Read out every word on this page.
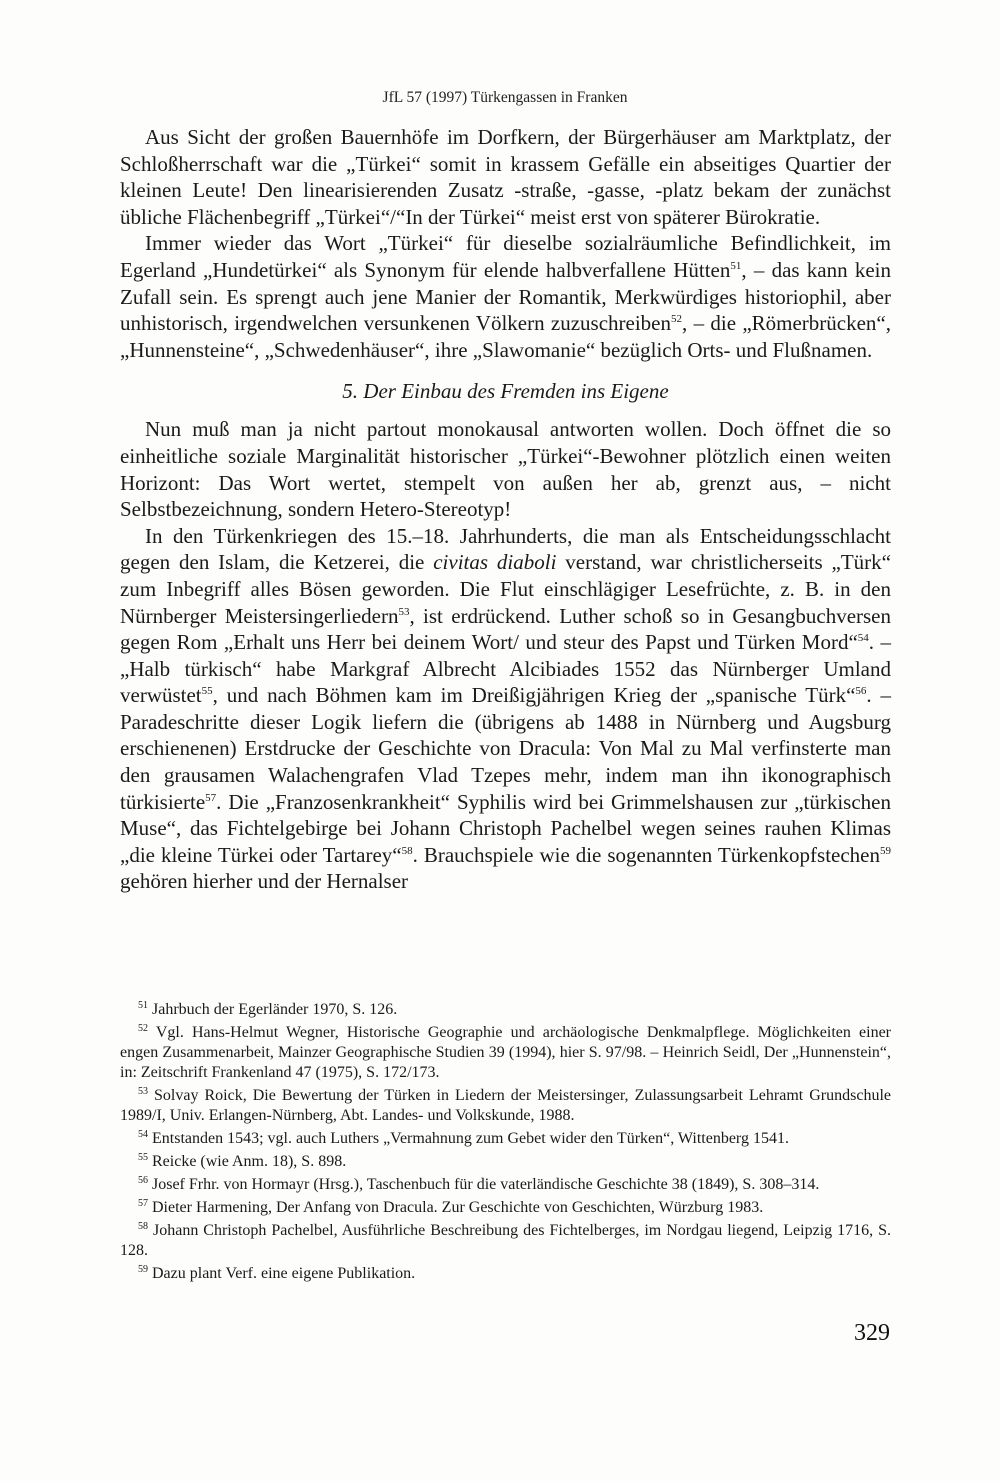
JfL 57 (1997) Türkengassen in Franken

Aus Sicht der großen Bauernhöfe im Dorfkern, der Bürgerhäuser am Marktplatz, der Schloßherrschaft war die „Türkei“ somit in krassem Gefälle ein abseitiges Quartier der kleinen Leute! Den linearisierenden Zusatz -straße, -gasse, -platz bekam der zunächst übliche Flächenbegriff „Türkei“/“In der Türkei“ meist erst von späterer Bürokratie.

Immer wieder das Wort „Türkei“ für dieselbe sozialräumliche Befindlichkeit, im Egerland „Hundetürkei“ als Synonym für elende halbverfallene Hütten$^{51}$, – das kann kein Zufall sein. Es sprengt auch jene Manier der Romantik, Merkwürdiges historiophil, aber unhistorisch, irgendwelchen versunkenen Völkern zuzuschreiben$^{52}$, – die „Römerbrücken“, „Hunnensteine“, „Schwedenhäuser“, ihre „Slawomanie“ bezüglich Orts- und Flußnamen.

5. Der Einbau des Fremden ins Eigene

Nun muß man ja nicht partout monokausal antworten wollen. Doch öffnet die so einheitliche soziale Marginalität historischer „Türkei“-Bewohner plötzlich einen weiten Horizont: Das Wort wertet, stempelt von außen her ab, grenzt aus, – nicht Selbstbezeichnung, sondern Hetero-Stereotyp!

In den Türkenkriegen des 15.–18. Jahrhunderts, die man als Entscheidungsschlacht gegen den Islam, die Ketzerei, die civitas diaboli verstand, war christlicherseits „Türk“ zum Inbegriff alles Bösen geworden. Die Flut einschlägiger Lesefrüchte, z. B. in den Nürnberger Meistersingerliedern$^{53}$, ist erdrückend. Luther schoß so in Gesangbuchversen gegen Rom „Erhalt uns Herr bei deinem Wort/ und steur des Papst und Türken Mord“$^{54}$. – „Halb türkisch“ habe Markgraf Albrecht Alcibiades 1552 das Nürnberger Umland verwüstet$^{55}$, und nach Böhmen kam im Dreißigjährigen Krieg der „spanische Türk“$^{56}$. – Paradeschritte dieser Logik liefern die (übrigens ab 1488 in Nürnberg und Augsburg erschienenen) Erstdrucke der Geschichte von Dracula: Von Mal zu Mal verfinsterte man den grausamen Walachengrafen Vlad Tzepes mehr, indem man ihn ikonographisch türkisierte$^{57}$. Die „Franzosenkrankheit“ Syphilis wird bei Grimmelshausen zur „türkischen Muse“, das Fichtelgebirge bei Johann Christoph Pachelbel wegen seines rauhen Klimas „die kleine Türkei oder Tartarey“$^{58}$. Brauchspiele wie die sogenannten Türkenkopfstechen$^{59}$ gehören hierher und der Hernalser

$^{51}$ Jahrbuch der Egerländer 1970, S. 126.

$^{52}$ Vgl. Hans-Helmut Wegner, Historische Geographie und archäologische Denkmalpflege. Möglichkeiten einer engen Zusammenarbeit, Mainzer Geographische Studien 39 (1994), hier S. 97/98. – Heinrich Seidl, Der „Hunnenstein“, in: Zeitschrift Frankenland 47 (1975), S. 172/173.

$^{53}$ Solvay Roick, Die Bewertung der Türken in Liedern der Meistersinger, Zulassungsarbeit Lehramt Grundschule 1989/I, Univ. Erlangen-Nürnberg, Abt. Landes- und Volkskunde, 1988.

$^{54}$ Entstanden 1543; vgl. auch Luthers „Vermahnung zum Gebet wider den Türken“, Wittenberg 1541.

$^{55}$ Reicke (wie Anm. 18), S. 898.

$^{56}$ Josef Frhr. von Hormayr (Hrsg.), Taschenbuch für die vaterländische Geschichte 38 (1849), S. 308–314.

$^{57}$ Dieter Harmening, Der Anfang von Dracula. Zur Geschichte von Geschichten, Würzburg 1983.

$^{58}$ Johann Christoph Pachelbel, Ausführliche Beschreibung des Fichtelberges, im Nordgau liegend, Leipzig 1716, S. 128.

$^{59}$ Dazu plant Verf. eine eigene Publikation.

329
